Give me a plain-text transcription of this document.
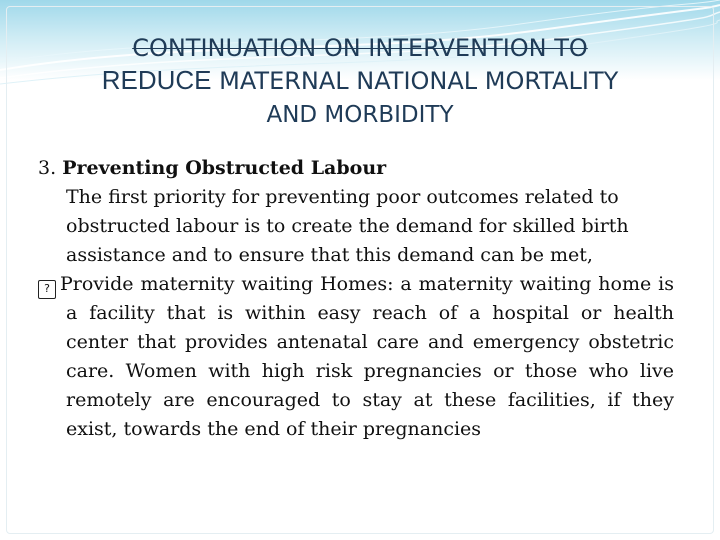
CONTINUATION ON INTERVENTION TO
REDUCE MATERNAL NATIONAL MORTALITY
AND MORBIDITY
3. Preventing Obstructed Labour
The first priority for preventing poor outcomes related to obstructed labour is to create the demand for skilled birth assistance and to ensure that this demand can be met,
? Provide maternity waiting Homes: a maternity waiting home is a facility that is within easy reach of a hospital or health center that provides antenatal care and emergency obstetric care. Women with high risk pregnancies or those who live remotely are encouraged to stay at these facilities, if they exist, towards the end of their pregnancies
